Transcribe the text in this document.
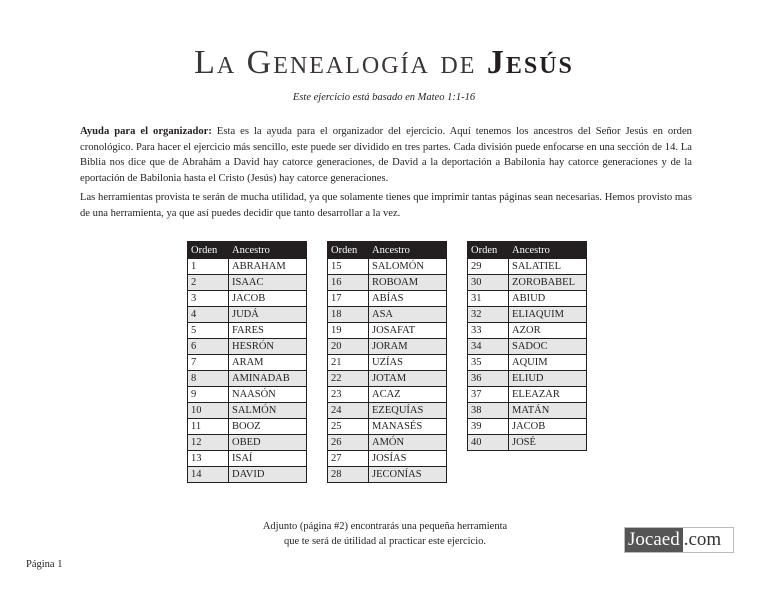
La Genealogía de Jesús
Este ejercicio está basado en Mateo 1:1-16
Ayuda para el organizador: Esta es la ayuda para el organizador del ejercicio. Aquí tenemos los ancestros del Señor Jesús en orden cronológico. Para hacer el ejercicio más sencillo, este puede ser dividido en tres partes. Cada división puede enfocarse en una sección de 14. La Biblia nos dice que de Abrahám a David hay catorce generaciones, de David a la deportación a Babilonia hay catorce generaciones y de la eportación de Babilonia hasta el Cristo (Jesús) hay catorce generaciones.
Las herramientas provista te serán de mucha utilidad, ya que solamente tienes que imprimir tantas páginas sean necesarias. Hemos provisto mas de una herramienta, ya que así puedes decidir que tanto desarrollar a la vez.
Orden	Ancestro
1	ABRAHAM
2	ISAAC
3	JACOB
4	JUDÁ
5	FARES
6	HESRÓN
7	ARAM
8	AMINADAB
9	NAASÓN
10	SALMÓN
11	BOOZ
12	OBED
13	ISAÍ
14	DAVID
Orden	Ancestro
15	SALOMÓN
16	ROBOAM
17	ABÍAS
18	ASA
19	JOSAFAT
20	JORAM
21	UZÍAS
22	JOTAM
23	ACAZ
24	EZEQUÍAS
25	MANASÉS
26	AMÓN
27	JOSÍAS
28	JECONÍAS
Orden	Ancestro
29	SALATIEL
30	ZOROBABEL
31	ABIUD
32	ELIAQUIM
33	AZOR
34	SADOC
35	AQUIM
36	ELIUD
37	ELEAZAR
38	MATÁN
39	JACOB
40	JOSÉ
Adjunto (página #2) encontrarás una pequeña herramienta
que te será de útilidad al practicar este ejercicio.	Jocaed .com
Página 1
